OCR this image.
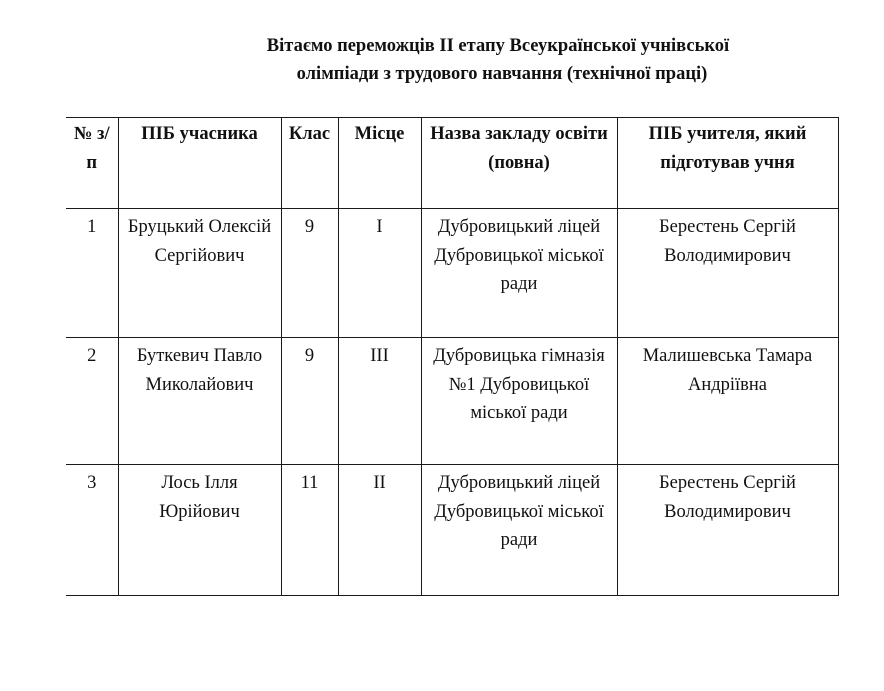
Вітаємо переможців ІІ етапу Всеукраїнської учнівської
олімпіади з трудового навчання (технічної праці)
№ з/п	ПІБ учасника	Клас	Місце	Назва закладу освіти (повна)	ПІБ учителя, який підготував учня
1	Бруцький Олексій Сергійович	9	І	Дубровицький ліцей Дубровицької міської ради	Берестень Сергій Володимирович
2	Буткевич Павло Миколайович	9	ІІІ	Дубровицька гімназія №1 Дубровицької міської ради	Малишевська Тамара Андріївна
3	Лось Ілля Юрійович	11	ІІ	Дубровицький ліцей Дубровицької міської ради	Берестень Сергій Володимирович
